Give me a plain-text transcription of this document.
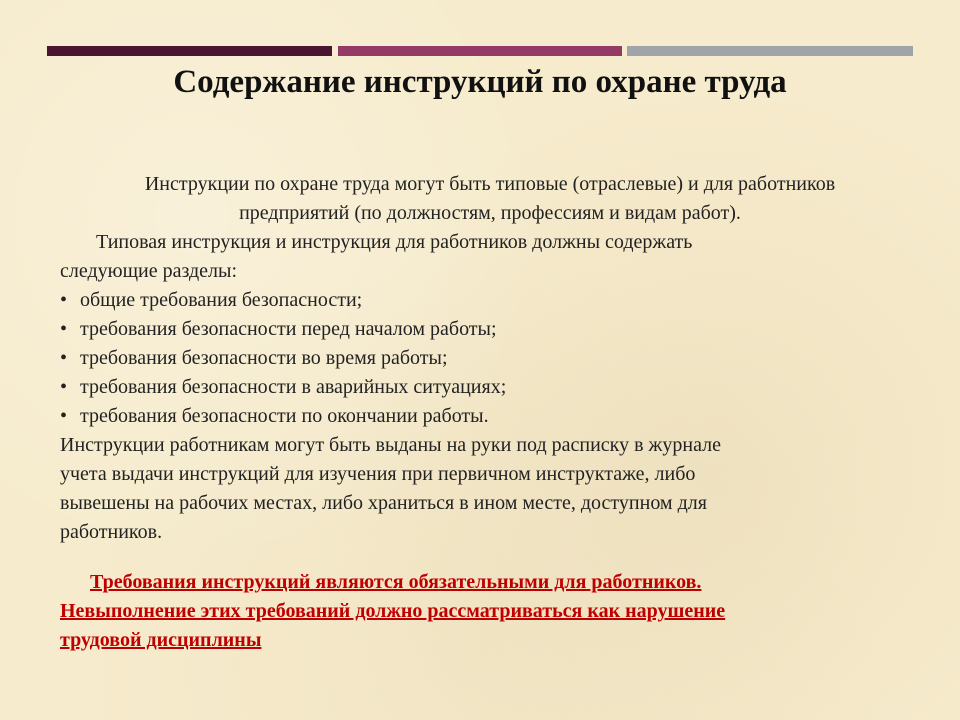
Содержание инструкций по охране труда

Инструкции по охране труда могут быть типовые (отраслевые) и для работников
предприятий (по должностям, профессиям и видам работ).

Типовая инструкция и инструкция для работников должны содержать
следующие разделы:

• общие требования безопасности;
• требования безопасности перед началом работы;
• требования безопасности во время работы;
• требования безопасности в аварийных ситуациях;
• требования безопасности по окончании работы.

Инструкции работникам могут быть выданы на руки под расписку в журнале
учета выдачи инструкций для изучения при первичном инструктаже, либо
вывешены на рабочих местах, либо храниться в ином месте, доступном для
работников.

Требования инструкций являются обязательными для работников.
Невыполнение этих требований должно рассматриваться как нарушение
трудовой дисциплины
